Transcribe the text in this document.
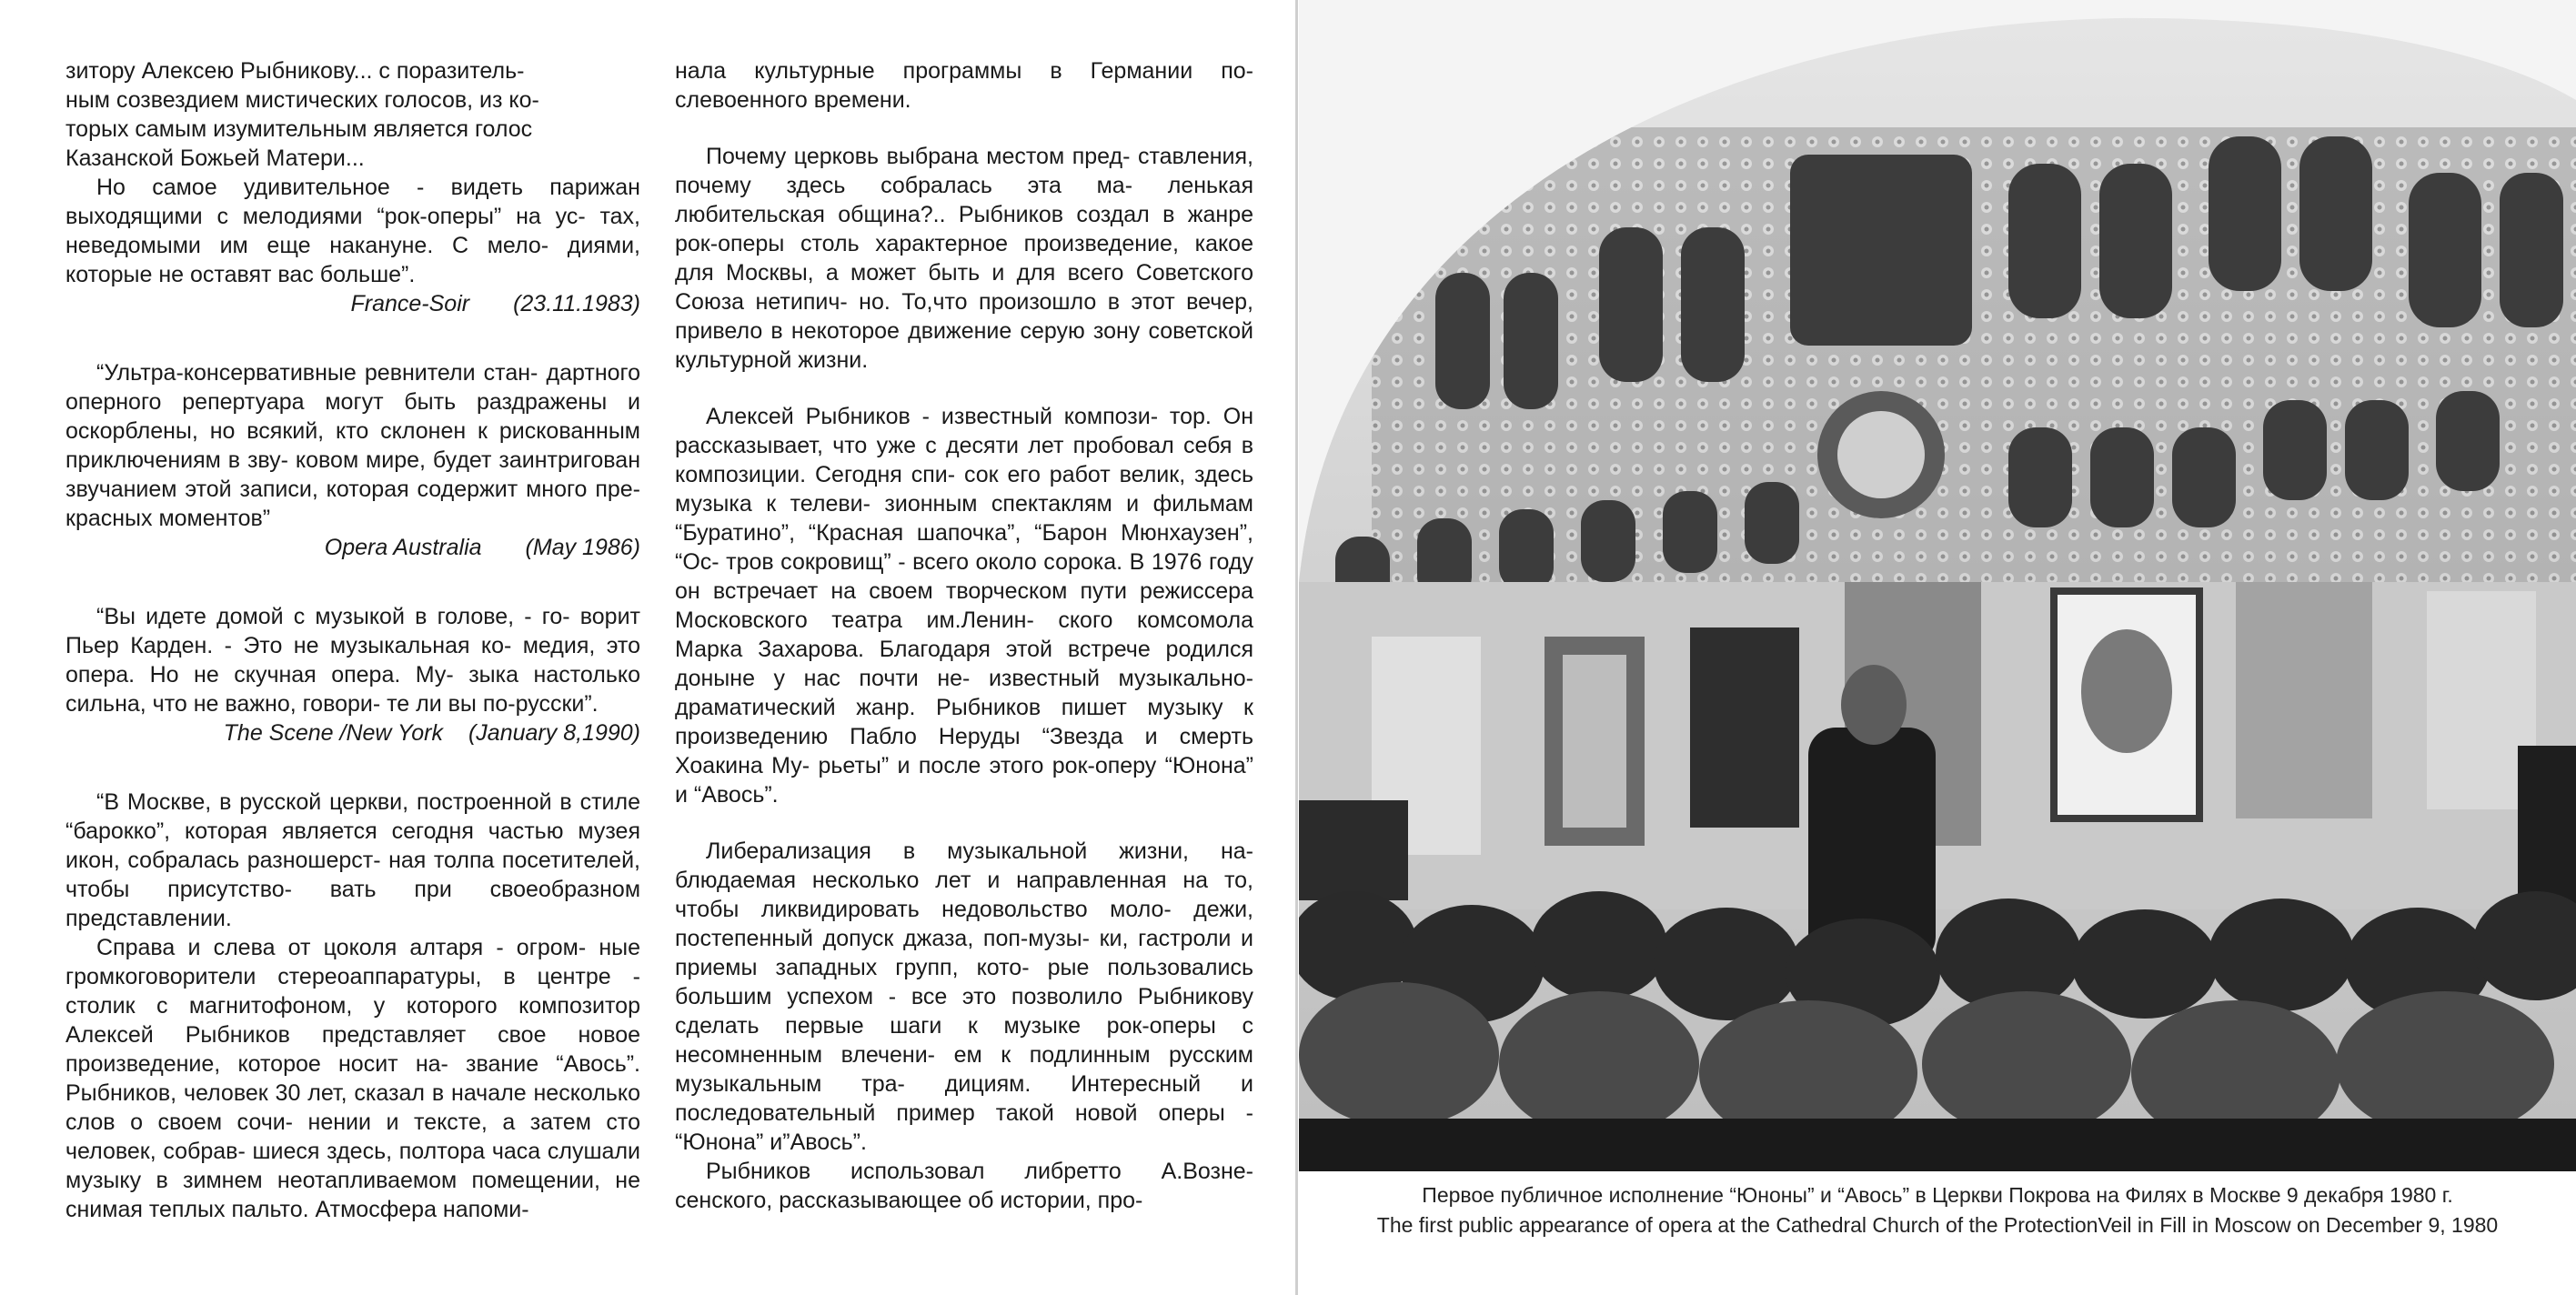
зитору Алексею Рыбникову... с поразитель-
ным созвездием мистических голосов, из ко-
торых самым изумительным является голос
Казанской Божьей Матери...

Но самое удивительное - видеть парижан выходящими с мелодиями “рок-оперы” на ус- тах, неведомыми им еще накануне. С мело- диями, которые не оставят вас больше”.

France-Soir (23.11.1983)

“Ультра-консервативные ревнители стан- дартного оперного репертуара могут быть раздражены и оскорблены, но всякий, кто склонен к рискованным приключениям в зву- ковом мире, будет заинтригован звучанием этой записи, которая содержит много пре- красных моментов”

Opera Australia (May 1986)

“Вы идете домой с музыкой в голове, - го- ворит Пьер Карден. - Это не музыкальная ко- медия, это опера. Но не скучная опера. Му- зыка настолько сильна, что не важно, говори- те ли вы по-русски”.

The Scene /New York (January 8,1990)

“В Москве, в русской церкви, построенной в стиле “барокко”, которая является сегодня частью музея икон, собралась разношерст- ная толпа посетителей, чтобы присутство- вать при своеобразном представлении.

Справа и слева от цоколя алтаря - огром- ные громкоговорители стереоаппаратуры, в центре - столик с магнитофоном, у которого композитор Алексей Рыбников представляет свое новое произведение, которое носит на- звание “Авось”. Рыбников, человек 30 лет, сказал в начале несколько слов о своем сочи- нении и тексте, а затем сто человек, собрав- шиеся здесь, полтора часа слушали музыку в зимнем неотапливаемом помещении, не снимая теплых пальто. Атмосфера напоми-

нала культурные программы в Германии по- слевоенного времени.

Почему церковь выбрана местом пред- ставления, почему здесь собралась эта ма- ленькая любительская община?.. Рыбников создал в жанре рок-оперы столь характерное произведение, какое для Москвы, а может быть и для всего Советского Союза нетипич- но. То,что произошло в этот вечер, привело в некоторое движение серую зону советской культурной жизни.

Алексей Рыбников - известный компози- тор. Он рассказывает, что уже с десяти лет пробовал себя в композиции. Сегодня спи- сок его работ велик, здесь музыка к телеви- зионным спектаклям и фильмам “Буратино”, “Красная шапочка”, “Барон Мюнхаузен”, “Ос- тров сокровищ” - всего около сорока. В 1976 году он встречает на своем творческом пути режиссера Московского театра им.Ленин- ского комсомола Марка Захарова. Благодаря этой встрече родился доныне у нас почти не- известный музыкально-драматический жанр. Рыбников пишет музыку к произведению Пабло Неруды “Звезда и смерть Хоакина Му- рьеты” и после этого рок-оперу “Юнона” и “Авось”.

Либерализация в музыкальной жизни, на- блюдаемая несколько лет и направленная на то, чтобы ликвидировать недовольство моло- дежи, постепенный допуск джаза, поп-музы- ки, гастроли и приемы западных групп, кото- рые пользовались большим успехом - все это позволило Рыбникову сделать первые шаги к музыке рок-оперы с несомненным влечени- ем к подлинным русским музыкальным тра- дициям. Интересный и последовательный пример такой новой оперы - “Юнона” и”Авось”.

Рыбников использовал либретто А.Возне- сенского, рассказывающее об истории, про-	Первое публичное исполнение “Юноны” и “Авось” в Церкви Покрова на Филях в Москве 9 декабря 1980 г.
The first public appearance of opera at the Cathedral Church of the ProtectionVeil in Fill in Moscow on December 9, 1980
